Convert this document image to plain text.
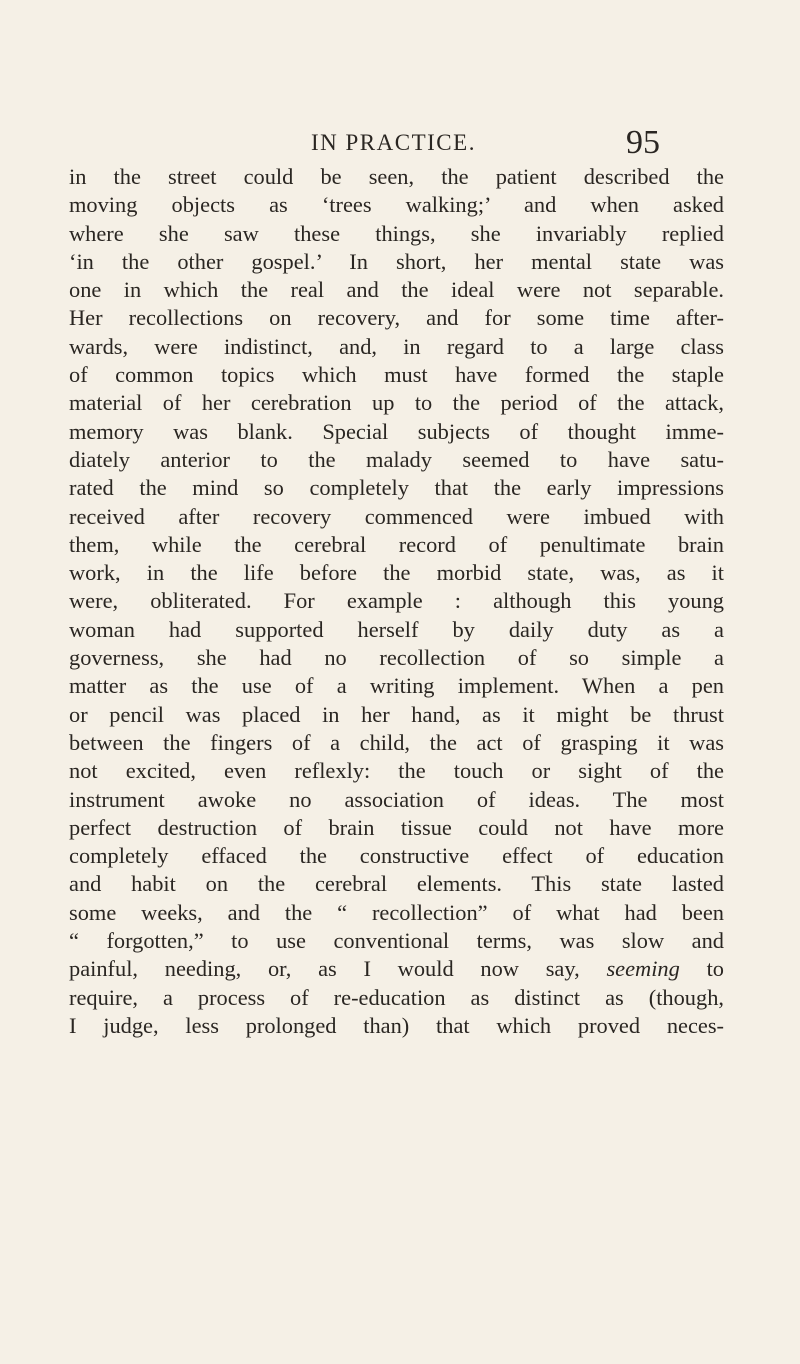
IN PRACTICE.	95
in the street could be seen, the patient described the
moving objects as ‘trees walking;’ and when asked
where she saw these things, she invariably replied
‘in the other gospel.’ In short, her mental state was
one in which the real and the ideal were not separable.
Her recollections on recovery, and for some time after-
wards, were indistinct, and, in regard to a large class
of common topics which must have formed the staple
material of her cerebration up to the period of the attack,
memory was blank. Special subjects of thought imme-
diately anterior to the malady seemed to have satu-
rated the mind so completely that the early impressions
received after recovery commenced were imbued with
them, while the cerebral record of penultimate brain
work, in the life before the morbid state, was, as it
were, obliterated. For example : although this young
woman had supported herself by daily duty as a
governess, she had no recollection of so simple a
matter as the use of a writing implement. When a pen
or pencil was placed in her hand, as it might be thrust
between the fingers of a child, the act of grasping it was
not excited, even reflexly: the touch or sight of the
instrument awoke no association of ideas. The most
perfect destruction of brain tissue could not have more
completely effaced the constructive effect of education
and habit on the cerebral elements. This state lasted
some weeks, and the “ recollection” of what had been
“ forgotten,” to use conventional terms, was slow and
painful, needing, or, as I would now say, seeming to
require, a process of re-education as distinct as (though,
I judge, less prolonged than) that which proved neces-
